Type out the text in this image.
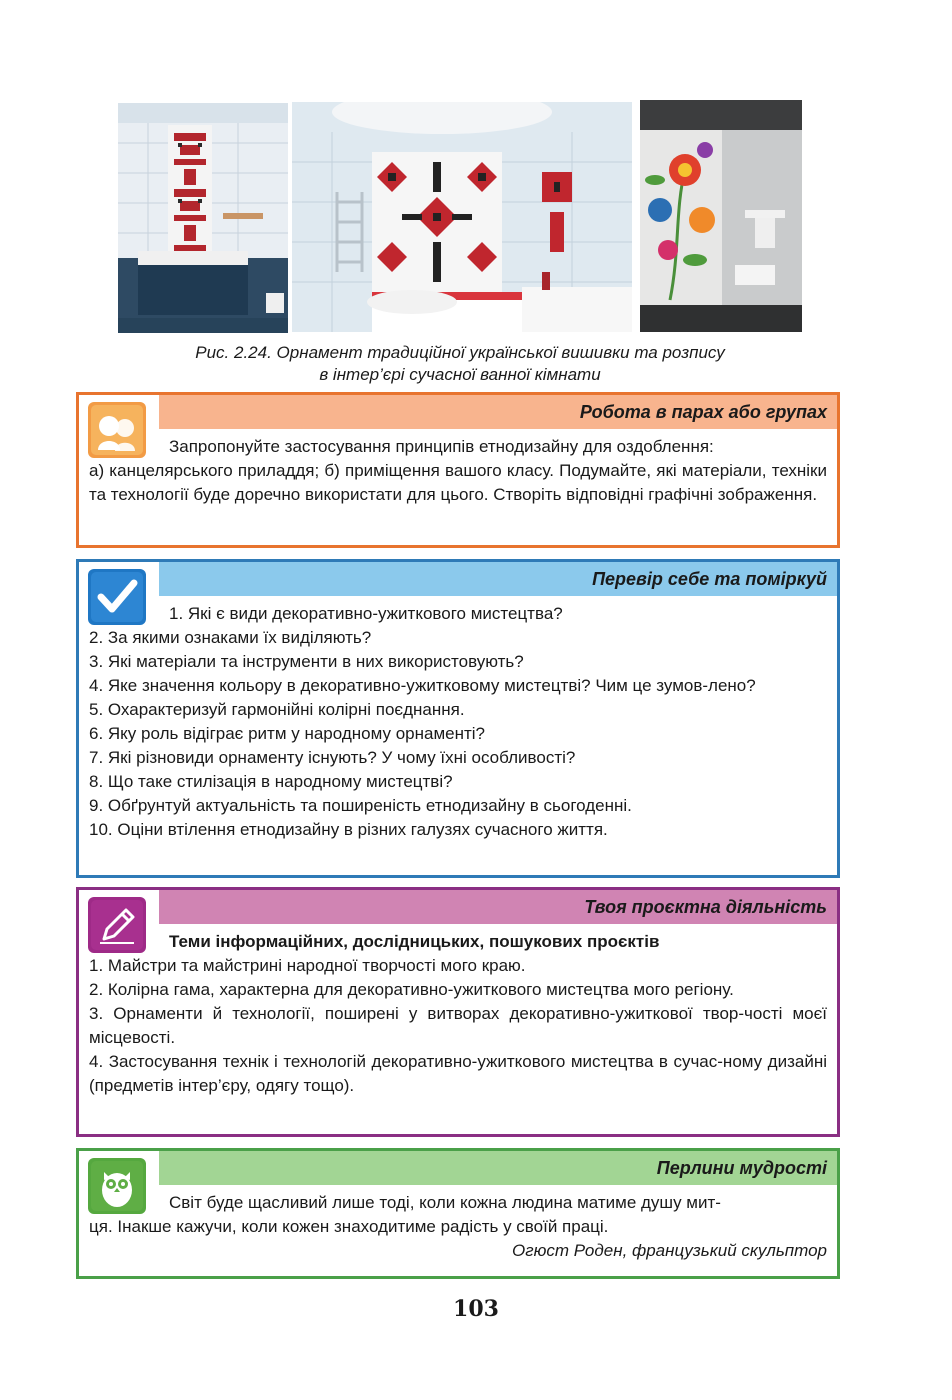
Рис. 2.24. Орнамент традиційної української вишивки та розпису
в інтер’єрі сучасної ванної кімнати
Робота в парах або групах

Запропонуйте застосування принципів етнодизайну для оздоблення:

а) канцелярського приладдя; б) приміщення вашого класу. Подумайте, які матеріали, техніки та технології буде доречно використати для цього. Створіть відповідні графічні зображення.

Перевір себе та поміркуй

1. Які є види декоративно-ужиткового мистецтва?

2. За якими ознаками їх виділяють?

3. Які матеріали та інструменти в них використовують?

4. Яке значення кольору в декоративно-ужитковому мистецтві? Чим це зумов-лено?

5. Охарактеризуй гармонійні колірні поєднання.

6. Яку роль відіграє ритм у народному орнаменті?

7. Які різновиди орнаменту існують? У чому їхні особливості?

8. Що таке стилізація в народному мистецтві?

9. Обґрунтуй актуальність та поширеність етнодизайну в сьогоденні.

10. Оціни втілення етнодизайну в різних галузях сучасного життя.

Твоя проєктна діяльність

Теми інформаційних, дослідницьких, пошукових проєктів

1. Майстри та майстрині народної творчості мого краю.

2. Колірна гама, характерна для декоративно-ужиткового мистецтва мого регіону.

3. Орнаменти й технології, поширені у витворах декоративно-ужиткової твор-чості моєї місцевості.

4. Застосування технік і технологій декоративно-ужиткового мистецтва в сучас-ному дизайні (предметів інтер’єру, одягу тощо).

Перлини мудрості

Світ буде щасливий лише тоді, коли кожна людина матиме душу мит-

ця. Інакше кажучи, коли кожен знаходитиме радість у своїй праці.

Огюст Роден, французький скульптор

103
